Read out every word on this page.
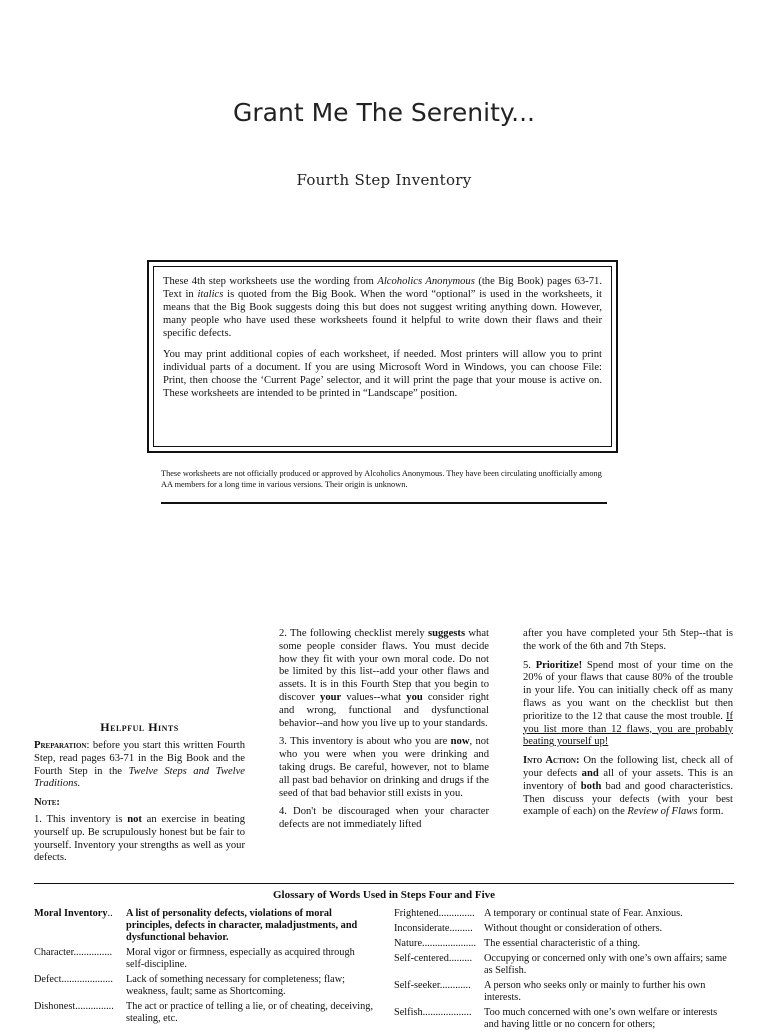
Grant Me The Serenity...
Fourth Step Inventory

These 4th step worksheets use the wording from Alcoholics Anonymous (the Big Book) pages 63-71. Text in italics is quoted from the Big Book. When the word “optional” is used in the worksheets, it means that the Big Book suggests doing this but does not suggest writing anything down. However, many people who have used these worksheets found it helpful to write down their flaws and their specific defects.

You may print additional copies of each worksheet, if needed. Most printers will allow you to print individual parts of a document. If you are using Microsoft Word in Windows, you can choose File: Print, then choose the ‘Current Page’ selector, and it will print the page that your mouse is active on. These worksheets are intended to be printed in “Landscape” position.

These worksheets are not officially produced or approved by Alcoholics Anonymous. They have been circulating unofficially among AA members for a long time in various versions. Their origin is unknown.
Helpful Hints

Preparation: before you start this written Fourth Step, read pages 63-71 in the Big Book and the Fourth Step in the Twelve Steps and Twelve Traditions.

Note:

1. This inventory is not an exercise in beating yourself up. Be scrupulously honest but be fair to yourself. Inventory your strengths as well as your defects.

2. The following checklist merely suggests what some people consider flaws. You must decide how they fit with your own moral code. Do not be limited by this list--add your other flaws and assets. It is in this Fourth Step that you begin to discover your values--what you consider right and wrong, functional and dysfunctional behavior--and how you live up to your standards.

3. This inventory is about who you are now, not who you were when you were drinking and taking drugs. Be careful, however, not to blame all past bad behavior on drinking and drugs if the seed of that bad behavior still exists in you.

4. Don't be discouraged when your character defects are not immediately lifted

after you have completed your 5th Step--that is the work of the 6th and 7th Steps.

5. Prioritize! Spend most of your time on the 20% of your flaws that cause 80% of the trouble in your life. You can initially check off as many flaws as you want on the checklist but then prioritize to the 12 that cause the most trouble. If you list more than 12 flaws, you are probably beating yourself up!

Into Action: On the following list, check all of your defects and all of your assets. This is an inventory of both bad and good characteristics. Then discuss your defects (with your best example of each) on the Review of Flaws form.

Glossary of Words Used in Steps Four and Five
Moral Inventory..	A list of personality defects, violations of moral principles, defects in character, maladjustments, and dysfunctional behavior.
Character...............	Moral vigor or firmness, especially as acquired through self-discipline.
Defect....................	Lack of something necessary for completeness; flaw; weakness, fault; same as Shortcoming.
Dishonest...............	The act or practice of telling a lie, or of cheating, deceiving, stealing, etc.
Frightened.............. A temporary or continual state of Fear. Anxious.
Inconsiderate.........	Without thought or consideration of others.
Nature..................... The essential characteristic of a thing.
Self-centered.........	Occupying or concerned only with one’s own affairs; same as Selfish.
Self-seeker............	A person who seeks only or mainly to further his own interests.
Selfish...................	Too much concerned with one’s own welfare or interests and having little or no concern for others;
